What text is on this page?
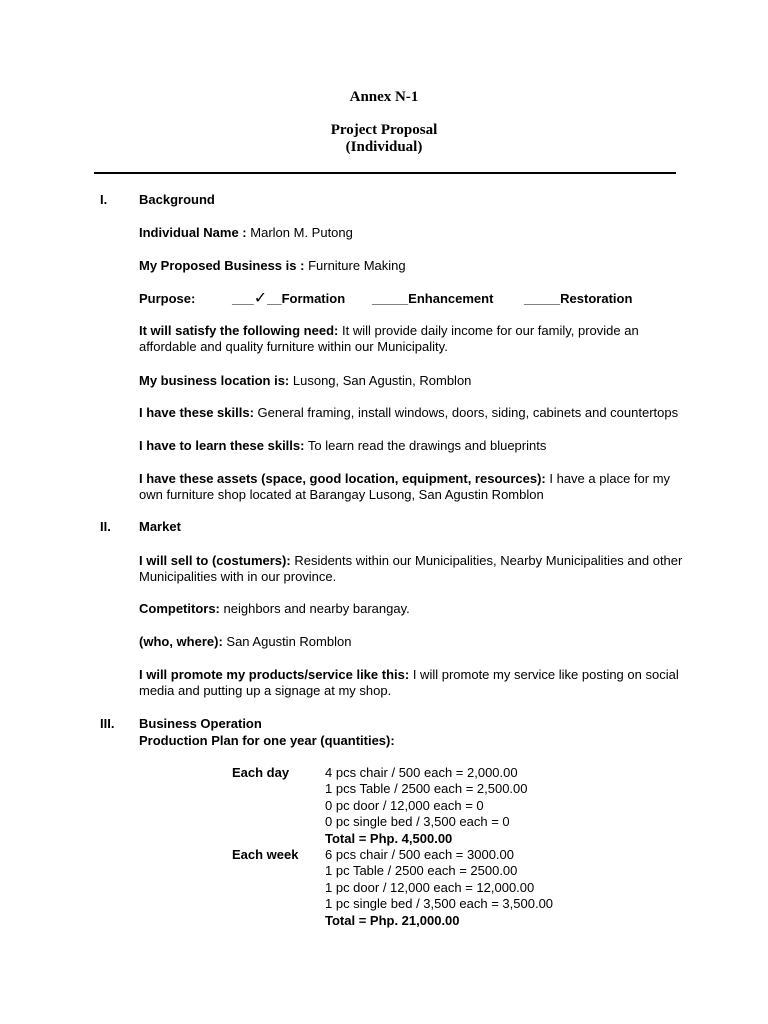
Annex N-1
Project Proposal
(Individual)
I.	Background
Individual Name : Marlon M. Putong
My Proposed Business is : Furniture Making
Purpose:	___✓__Formation _____Enhancement _____Restoration
It will satisfy the following need: It will provide daily income for our family, provide an affordable and quality furniture within our Municipality.
My business location is: Lusong, San Agustin, Romblon
I have these skills: General framing, install windows, doors, siding, cabinets and countertops
I have to learn these skills: To learn read the drawings and blueprints
I have these assets (space, good location, equipment, resources): I have a place for my own furniture shop located at Barangay Lusong, San Agustin Romblon
II.	Market
I will sell to (costumers): Residents within our Municipalities, Nearby Municipalities and other Municipalities with in our province.
Competitors: neighbors and nearby barangay.
(who, where): San Agustin Romblon
I will promote my products/service like this: I will promote my service like posting on social media and putting up a signage at my shop.
III.	Business Operation
Production Plan for one year (quantities):
Each day	4 pcs chair / 500 each = 2,000.00
1 pcs Table / 2500 each = 2,500.00
0 pc door / 12,000 each = 0
0 pc single bed / 3,500 each = 0
Total = Php. 4,500.00
Each week 6 pcs chair / 500 each = 3000.00
1 pc Table / 2500 each = 2500.00
1 pc door / 12,000 each = 12,000.00
1 pc single bed / 3,500 each = 3,500.00
Total = Php. 21,000.00
